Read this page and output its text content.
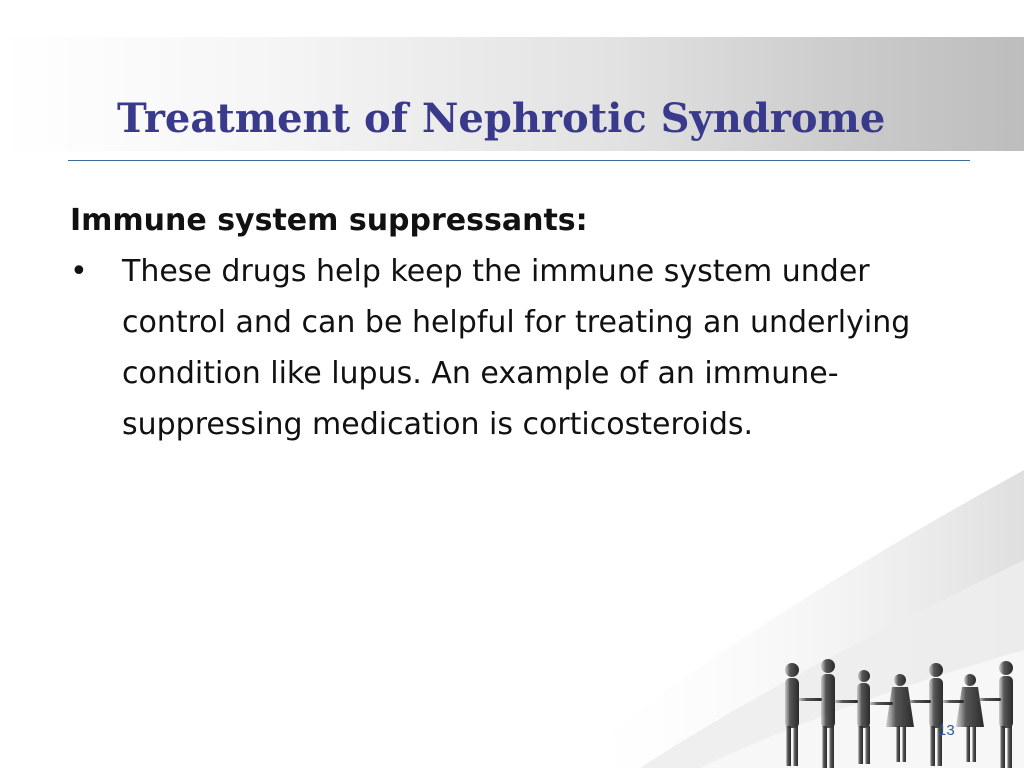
Treatment of Nephrotic Syndrome
Immune system suppressants:
• These drugs help keep the immune system under control and can be helpful for treating an underlying condition like lupus. An example of an immune-suppressing medication is corticosteroids.
13
